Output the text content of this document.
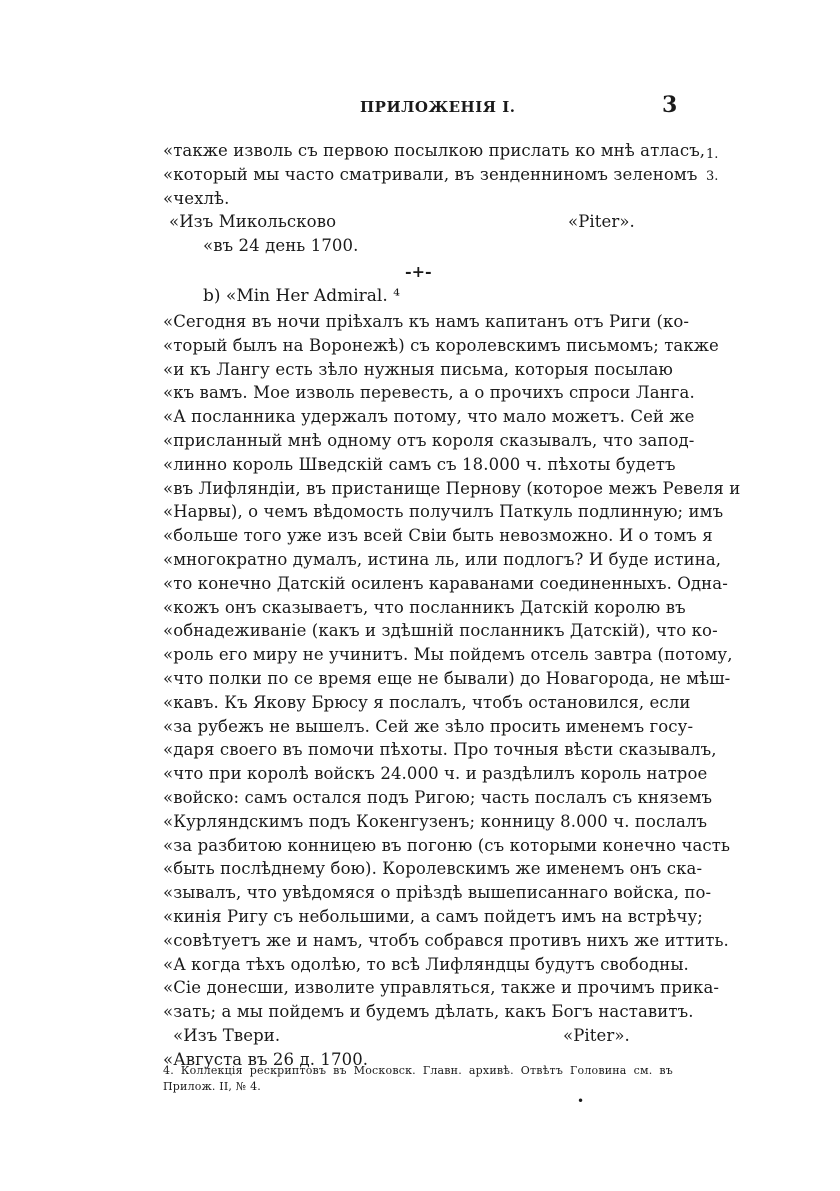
ПРИЛОЖЕНІЯ I.	3
1.
3.
«также изволь съ первою посылкою прислать ко мнѣ атласъ,
«который мы часто сматривали, въ зенденниномъ зеленомъ
«чехлѣ.
«Изъ Микольсково	«Piter».
«въ 24 день 1700.
-+-
b) «Min Her Admiral. ⁴
«Сегодня въ ночи пріѣхалъ къ намъ капитанъ отъ Риги (ко-
«торый былъ на Воронежѣ) съ королевскимъ письмомъ; также
«и къ Лангу есть зѣло нужныя письма, которыя посылаю
«къ вамъ. Мое изволь перевесть, а о прочихъ спроси Ланга.
«А посланника удержалъ потому, что мало можетъ. Сей же
«присланный мнѣ одному отъ короля сказывалъ, что запод-
«линно король Шведскій самъ съ 18.000 ч. пѣхоты будетъ
«въ Лифляндіи, въ пристанище Пернову (которое межъ Ревеля и
«Нарвы), о чемъ вѣдомость получилъ Паткуль подлинную; имъ
«больше того уже изъ всей Свіи быть невозможно. И о томъ я
«многократно думалъ, истина ль, или подлогъ? И буде истина,
«то конечно Датскій осиленъ караванами соединенныхъ. Одна-
«кожъ онъ сказываетъ, что посланникъ Датскій королю въ
«обнадеживаніе (какъ и здѣшній посланникъ Датскій), что ко-
«роль его миру не учинитъ. Мы пойдемъ отсель завтра (потому,
«что полки по се время еще не бывали) до Новагорода, не мѣш-
«кавъ. Къ Якову Брюсу я послалъ, чтобъ остановился, если
«за рубежъ не вышелъ. Сей же зѣло просить именемъ госу-
«даря своего въ помочи пѣхоты. Про точныя вѣсти сказывалъ,
«что при королѣ войскъ 24.000 ч. и раздѣлилъ король натрое
«войско: самъ остался подъ Ригою; часть послалъ съ княземъ
«Курляндскимъ подъ Кокенгузенъ; конницу 8.000 ч. послалъ
«за разбитою конницею въ погоню (съ которыми конечно часть
«быть послѣднему бою). Королевскимъ же именемъ онъ ска-
«зывалъ, что увѣдомяся о пріѣздѣ вышеписаннаго войска, по-
«кинія Ригу съ небольшими, а самъ пойдетъ имъ на встрѣчу;
«совѣтуетъ же и намъ, чтобъ собрався противъ нихъ же иттить.
«А когда тѣхъ одолѣю, то всѣ Лифляндцы будутъ свободны.
«Сіе донесши, изволите управляться, также и прочимъ прика-
«зать; а мы пойдемъ и будемъ дѣлать, какъ Богъ наставитъ.
«Изъ Твери.	«Piter».
«Августа въ 26 д. 1700.
4. Коллекція рескриптовъ въ Московск. Главн. архивѣ. Отвѣтъ Головина см. въ
Прилож. II, № 4.
•
